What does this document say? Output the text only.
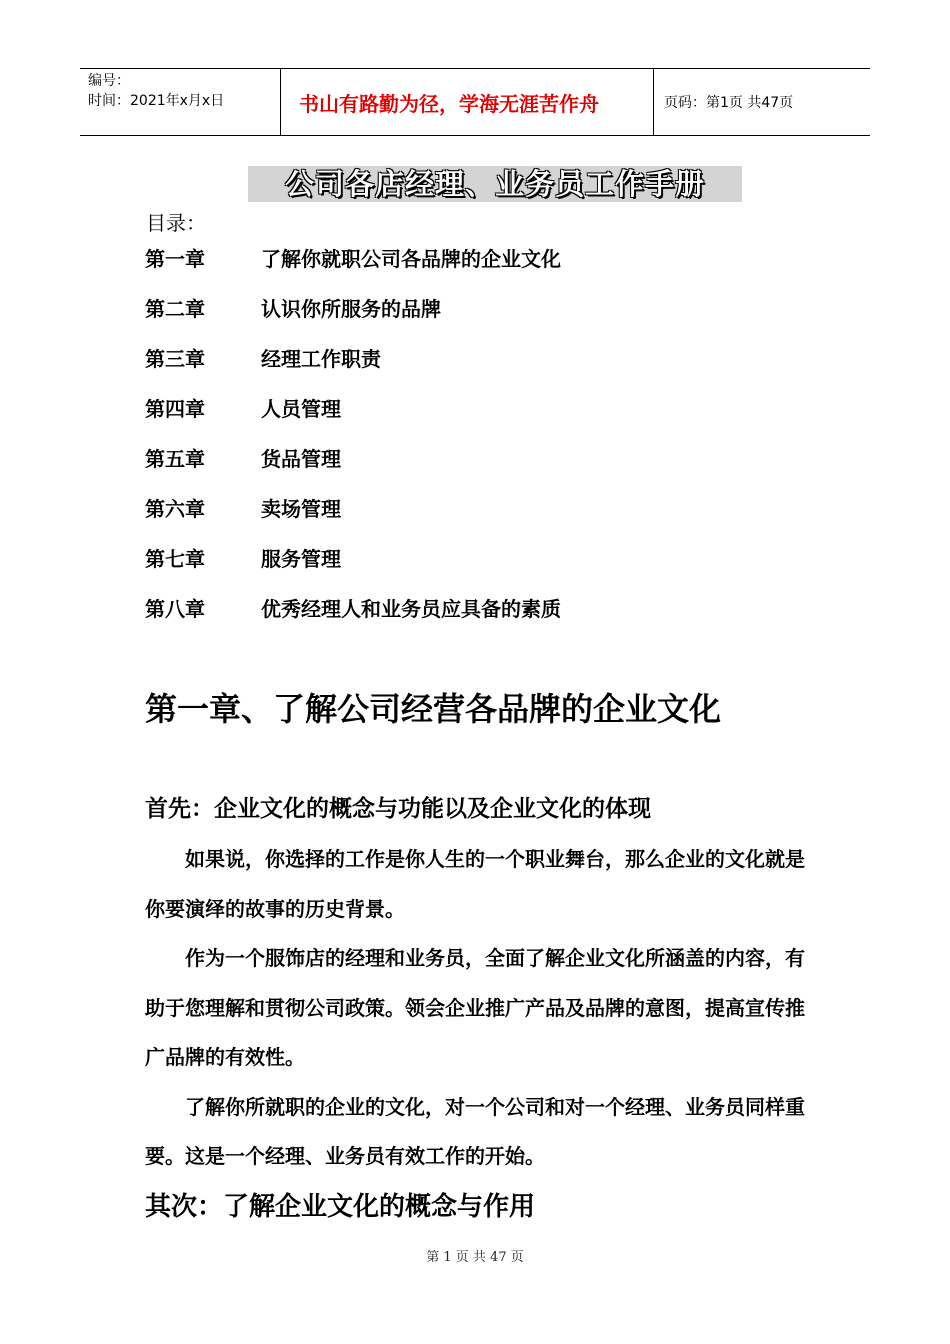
编号：
时间：2021年x月x日	书山有路勤为径，学海无涯苦作舟	页码：第1页 共47页
公司各店经理、业务员工作手册
目录：
第一章	了解你就职公司各品牌的企业文化
第二章	认识你所服务的品牌
第三章	经理工作职责
第四章	人员管理
第五章	货品管理
第六章	卖场管理
第七章	服务管理
第八章	优秀经理人和业务员应具备的素质
第一章、了解公司经营各品牌的企业文化
首先：企业文化的概念与功能以及企业文化的体现

如果说，你选择的工作是你人生的一个职业舞台，那么企业的文化就是你要演绎的故事的历史背景。

作为一个服饰店的经理和业务员，全面了解企业文化所涵盖的内容，有助于您理解和贯彻公司政策。领会企业推广产品及品牌的意图，提高宣传推广品牌的有效性。

了解你所就职的企业的文化，对一个公司和对一个经理、业务员同样重要。这是一个经理、业务员有效工作的开始。

其次：了解企业文化的概念与作用
第 1 页 共 47 页
